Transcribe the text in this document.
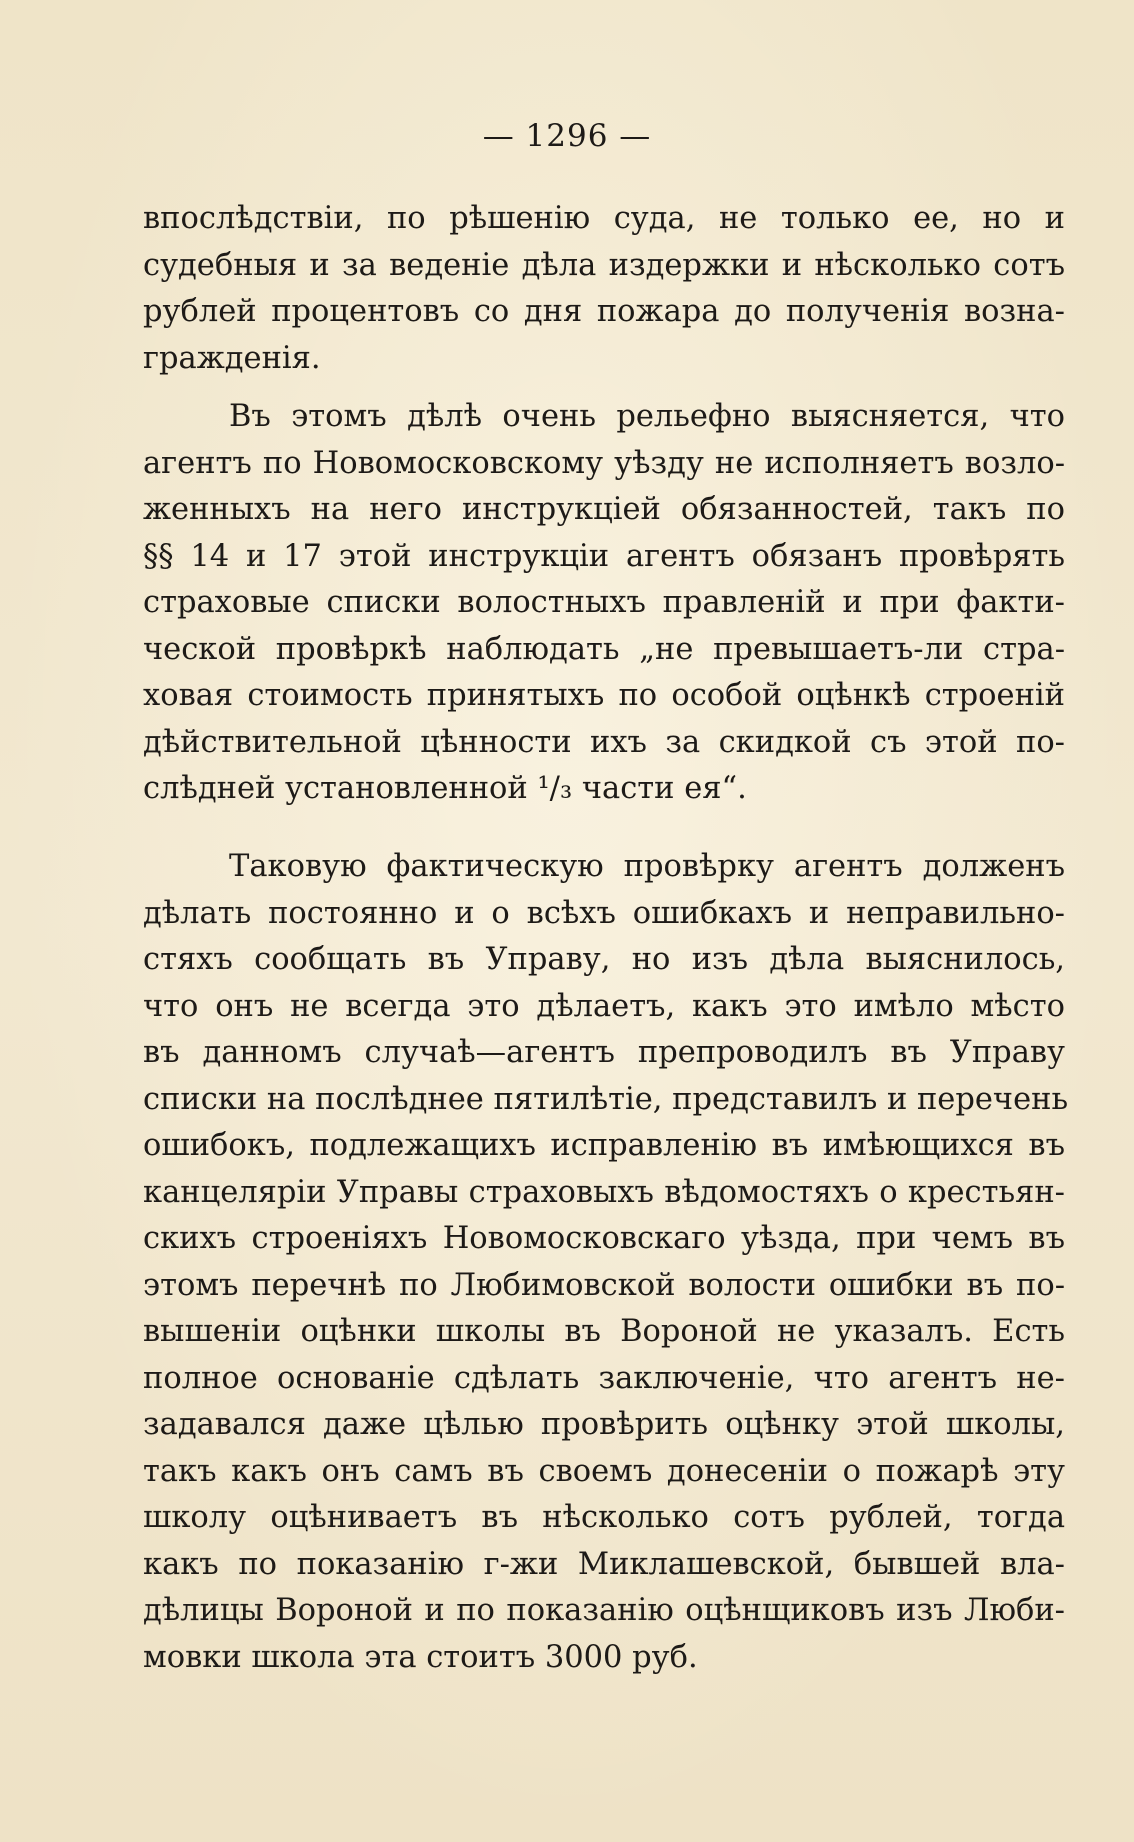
— 1296 —
впослѣдствіи, по рѣшенію суда, не только ее, но и
судебныя и за веденіе дѣла издержки и нѣсколько сотъ
рублей процентовъ со дня пожара до полученія возна-
гражденія.
Въ этомъ дѣлѣ очень рельефно выясняется, что
агентъ по Новомосковскому уѣзду не исполняетъ возло-
женныхъ на него инструкціей обязанностей, такъ по
§§ 14 и 17 этой инструкціи агентъ обязанъ провѣрять
страховые списки волостныхъ правленій и при факти-
ческой провѣркѣ наблюдать „не превышаетъ-ли стра-
ховая стоимость принятыхъ по особой оцѣнкѣ строеній
дѣйствительной цѣнности ихъ за скидкой съ этой по-
слѣдней установленной ¹/₃ части ея“.
Таковую фактическую провѣрку агентъ долженъ
дѣлать постоянно и о всѣхъ ошибкахъ и неправильно-
стяхъ сообщать въ Управу, но изъ дѣла выяснилось,
что онъ не всегда это дѣлаетъ, какъ это имѣло мѣсто
въ данномъ случаѣ—агентъ препроводилъ въ Управу
списки на послѣднее пятилѣтіе, представилъ и перечень
ошибокъ, подлежащихъ исправленію въ имѣющихся въ
канцеляріи Управы страховыхъ вѣдомостяхъ о крестьян-
скихъ строеніяхъ Новомосковскаго уѣзда, при чемъ въ
этомъ перечнѣ по Любимовской волости ошибки въ по-
вышеніи оцѣнки школы въ Вороной не указалъ. Есть
полное основаніе сдѣлать заключеніе, что агентъ не-
задавался даже цѣлью провѣрить оцѣнку этой школы,
такъ какъ онъ самъ въ своемъ донесеніи о пожарѣ эту
школу оцѣниваетъ въ нѣсколько сотъ рублей, тогда
какъ по показанію г-жи Миклашевской, бывшей вла-
дѣлицы Вороной и по показанію оцѣнщиковъ изъ Люби-
мовки школа эта стоитъ 3000 руб.
